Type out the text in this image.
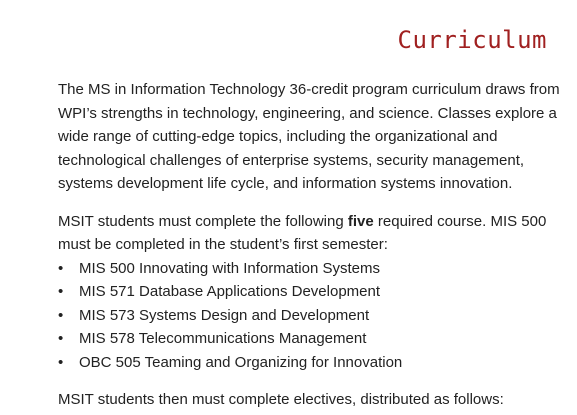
Curriculum

The MS in Information Technology 36-credit program curriculum draws from WPI’s strengths in technology, engineering, and science. Classes explore a wide range of cutting-edge topics, including the organizational and technological challenges of enterprise systems, security management, systems development life cycle, and information systems innovation.

MSIT students must complete the following five required course. MIS 500 must be completed in the student’s first semester:

• MIS 500 Innovating with Information Systems
• MIS 571 Database Applications Development
• MIS 573 Systems Design and Development
• MIS 578 Telecommunications Management
• OBC 505 Teaming and Organizing for Innovation

MSIT students then must complete electives, distributed as follows:
